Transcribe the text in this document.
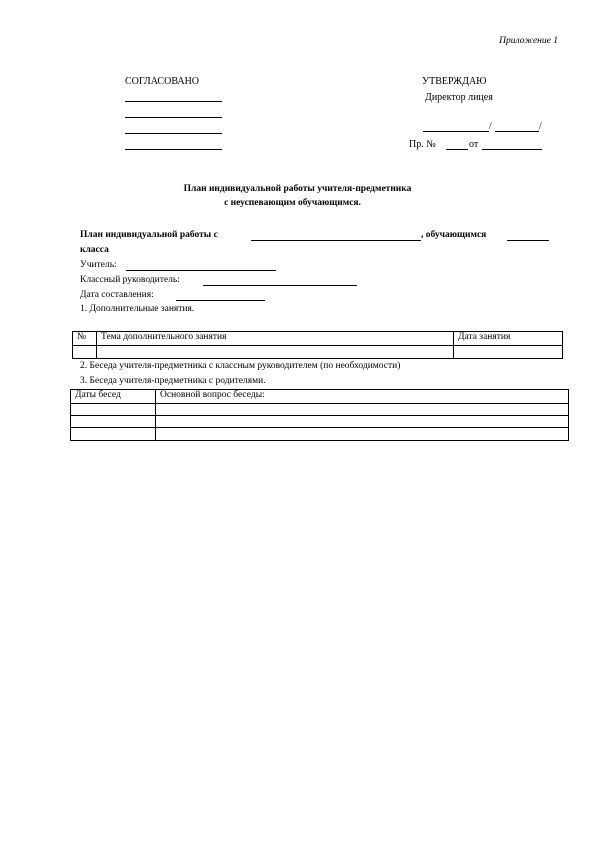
Приложение 1
СОГЛАСОВАНО	УТВЕРЖДАЮ
Директор лицея
/	/
Пр. №	от
План индивидуальной работы учителя-предметника
с неуспевающим обучающимся.
План индивидуальной работы с	, обучающимся
класса
Учитель:
Классный руководитель:
Дата составления:
1. Дополнительные занятия.
№	Тема дополнительного занятия	Дата занятия

2. Беседа учителя-предметника с классным руководителем (по необходимости)
3. Беседа учителя-предметника с родителями.
Даты бесед	Основной вопрос беседы:
